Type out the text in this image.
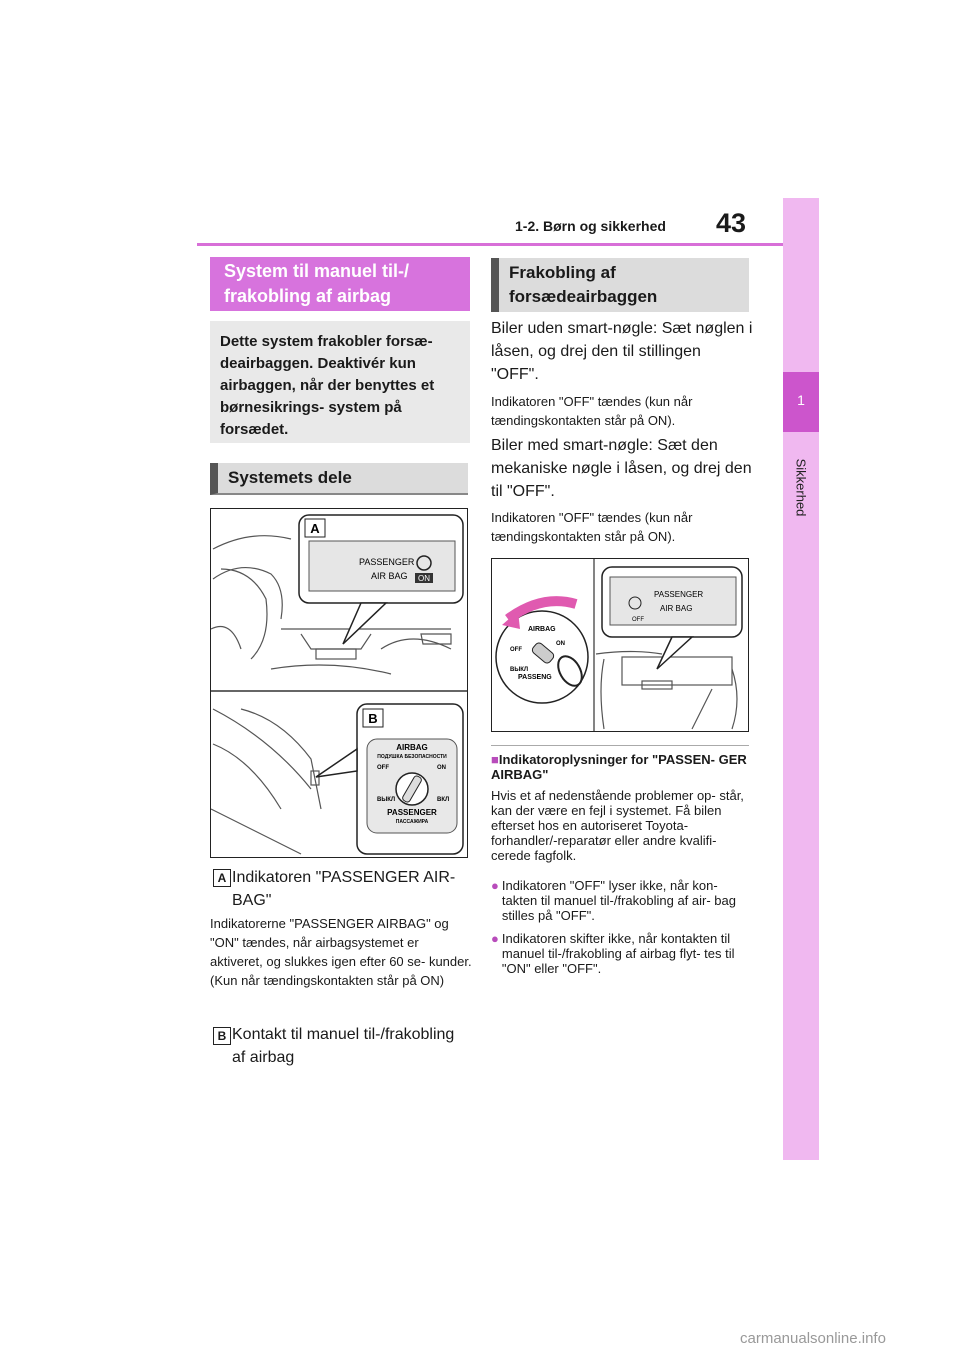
43
1-2. Børn og sikkerhed
1
Sikkerhed
System til manuel til-/ frakobling af airbag
Dette system frakobler forsæ- deairbaggen. Deaktivér kun airbaggen, når der benyttes et børnesikrings- system på forsædet.
Systemets dele
A
PASSENGER
AIR BAG ON
B
AIRBAG
ПОДУШКА БЕЗОПАСНОСТИ
OFF	ON
ВЫКЛ	ВКЛ
PASSENGER
ПАССАЖИРА
A Indikatoren "PASSENGER AIR- BAG"
Indikatorerne "PASSENGER AIRBAG" og "ON" tændes, når airbagsystemet er aktiveret, og slukkes igen efter 60 se- kunder. (Kun når tændingskontakten står på ON)
B Kontakt til manuel til-/frakobling af airbag
Frakobling af forsædeairbaggen
Biler uden smart-nøgle: Sæt nøglen i låsen, og drej den til stillingen "OFF".
Indikatoren "OFF" tændes (kun når tændingskontakten står på ON).
Biler med smart-nøgle: Sæt den mekaniske nøgle i låsen, og drej den til "OFF".
Indikatoren "OFF" tændes (kun når tændingskontakten står på ON).
PASSENGER
AIR BAG
OFF
AIRBAG
OFF
ON
ВЫКЛ
PASSENG
■Indikatoroplysninger for "PASSEN- GER AIRBAG"
Hvis et af nedenstående problemer op- står, kan der være en fejl i systemet. Få bilen efterset hos en autoriseret Toyota- forhandler/-reparatør eller andre kvalifi- cerede fagfolk.
● Indikatoren "OFF" lyser ikke, når kon- takten til manuel til-/frakobling af air- bag stilles på "OFF".
● Indikatoren skifter ikke, når kontakten til manuel til-/frakobling af airbag flyt- tes til "ON" eller "OFF".
carmanualsonline.info
